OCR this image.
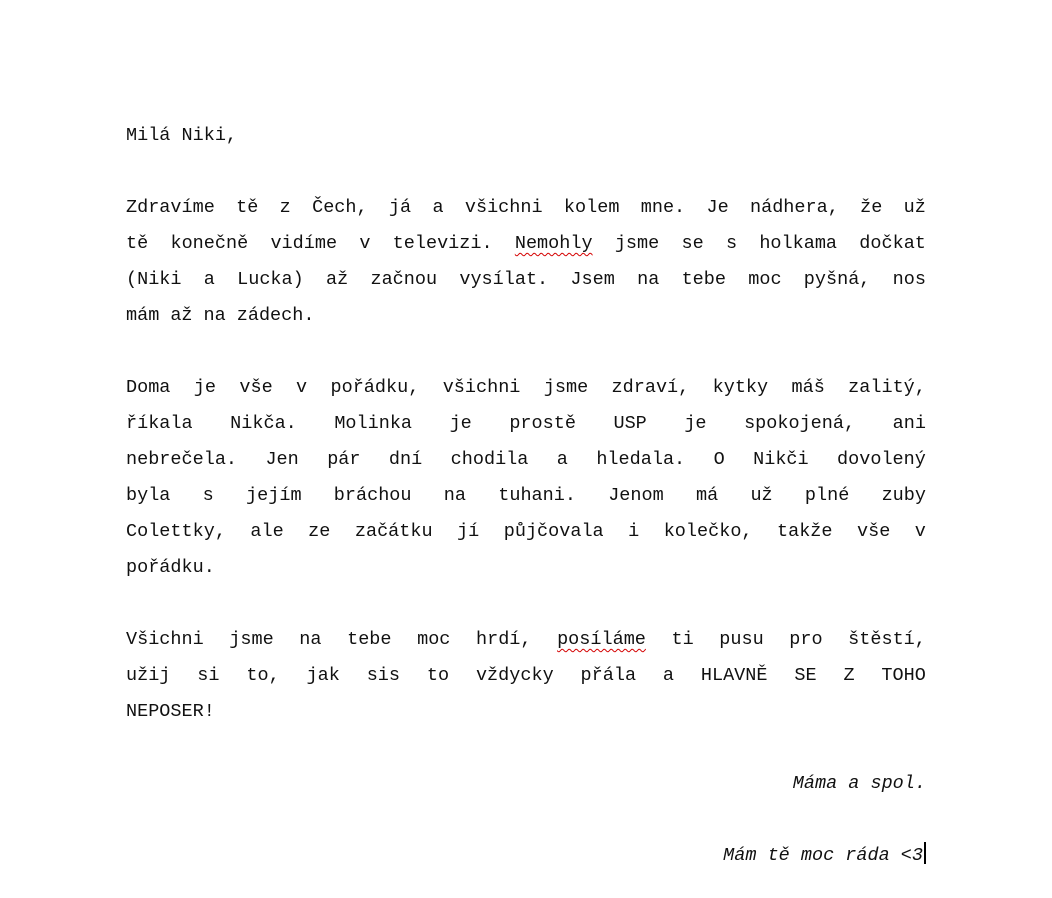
Milá Niki,
Zdravíme tě z Čech, já a všichni kolem mne. Je nádhera, že už
tě konečně vidíme v televizi. Nemohly jsme se s holkama dočkat
(Niki a Lucka) až začnou vysílat. Jsem na tebe moc pyšná, nos
mám až na zádech.
Doma je vše v pořádku, všichni jsme zdraví, kytky máš zalitý,
říkala Nikča. Molinka je prostě USP je spokojená, ani
nebrečela. Jen pár dní chodila a hledala. O Nikči dovolený
byla s jejím bráchou na tuhani. Jenom má už plné zuby
Colettky, ale ze začátku jí půjčovala i kolečko, takže vše v
pořádku.
Všichni jsme na tebe moc hrdí, posíláme ti pusu pro štěstí,
užij si to, jak sis to vždycky přála a HLAVNĚ SE Z TOHO
NEPOSER!
Máma a spol.
Mám tě moc ráda <3
